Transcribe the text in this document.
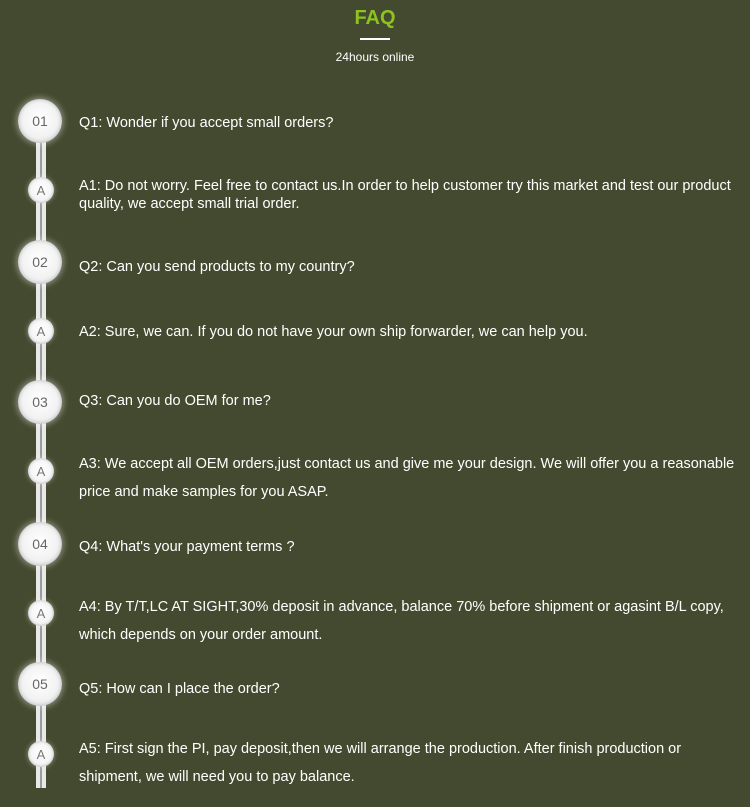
FAQ
24hours online
01	Q1: Wonder if you accept small orders?
A	A1: Do not worry. Feel free to contact us.In order to help customer try this market and test our product quality, we accept small trial order.
02	Q2: Can you send products to my country?
A	A2: Sure, we can. If you do not have your own ship forwarder, we can help you.
03	Q3: Can you do OEM for me?
A	A3: We accept all OEM orders,just contact us and give me your design. We will offer you a reasonable price and make samples for you ASAP.
04	Q4: What's your payment terms ?
A	A4: By T/T,LC AT SIGHT,30% deposit in advance, balance 70% before shipment or agasint B/L copy, which depends on your order amount.
05	Q5: How can I place the order?
A	A5: First sign the PI, pay deposit,then we will arrange the production. After finish production or shipment, we will need you to pay balance.
